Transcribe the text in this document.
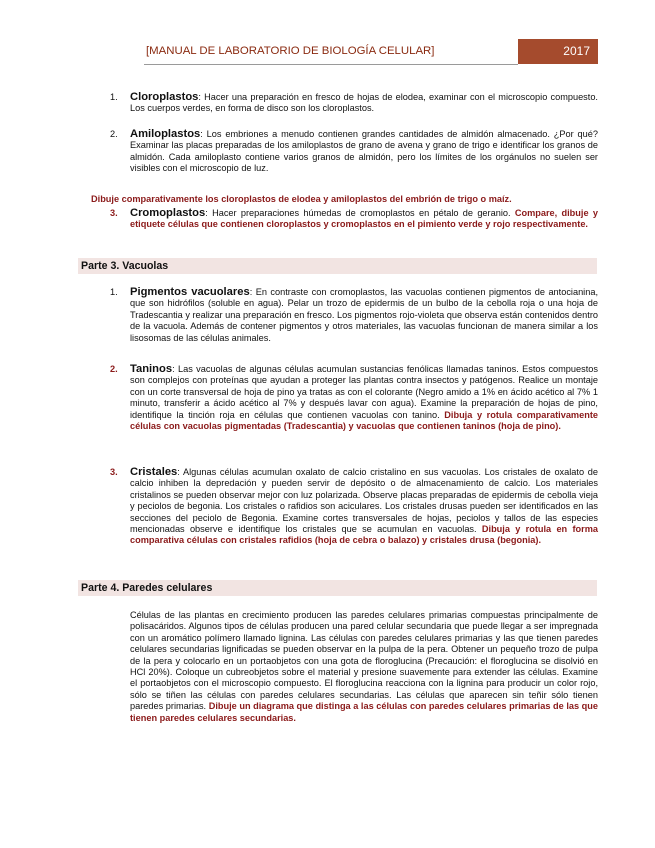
[MANUAL DE LABORATORIO DE BIOLOGÍA CELULAR]	2017
1. Cloroplastos: Hacer una preparación en fresco de hojas de elodea, examinar con el microscopio compuesto. Los cuerpos verdes, en forma de disco son los cloroplastos.
2. Amiloplastos: Los embriones a menudo contienen grandes cantidades de almidón almacenado. ¿Por qué? Examinar las placas preparadas de los amiloplastos de grano de avena y grano de trigo e identificar los granos de almidón. Cada amiloplasto contiene varios granos de almidón, pero los límites de los orgánulos no suelen ser visibles con el microscopio de luz.
Dibuje comparativamente los cloroplastos de elodea y amiloplastos del embrión de trigo o maíz.
3. Cromoplastos: Hacer preparaciones húmedas de cromoplastos en pétalo de geranio. Compare, dibuje y etiquete células que contienen cloroplastos y cromoplastos en el pimiento verde y rojo respectivamente.
Parte 3. Vacuolas
1. Pigmentos vacuolares: En contraste con cromoplastos, las vacuolas contienen pigmentos de antocianina, que son hidrófilos (soluble en agua). Pelar un trozo de epidermis de un bulbo de la cebolla roja o una hoja de Tradescantia y realizar una preparación en fresco. Los pigmentos rojo-violeta que observa están contenidos dentro de la vacuola. Además de contener pigmentos y otros materiales, las vacuolas funcionan de manera similar a los lisosomas de las células animales.
2. Taninos: Las vacuolas de algunas células acumulan sustancias fenólicas llamadas taninos. Estos compuestos son complejos con proteínas que ayudan a proteger las plantas contra insectos y patógenos. Realice un montaje con un corte transversal de hoja de pino ya tratas as con el colorante (Negro amido a 1% en ácido acético al 7% 1 minuto, transferir a ácido acético al 7% y después lavar con agua). Examine la preparación de hojas de pino, identifique la tinción roja en células que contienen vacuolas con tanino. Dibuja y rotula comparativamente células con vacuolas pigmentadas (Tradescantia) y vacuolas que contienen taninos (hoja de pino).
3. Cristales: Algunas células acumulan oxalato de calcio cristalino en sus vacuolas. Los cristales de oxalato de calcio inhiben la depredación y pueden servir de depósito o de almacenamiento de calcio. Los materiales cristalinos se pueden observar mejor con luz polarizada. Observe placas preparadas de epidermis de cebolla vieja y peciolos de begonia. Los cristales o rafidios son aciculares. Los cristales drusas pueden ser identificados en las secciones del peciolo de Begonia. Examine cortes transversales de hojas, peciolos y tallos de las especies mencionadas observe e identifique los cristales que se acumulan en vacuolas. Dibuja y rotula en forma comparativa células con cristales rafidios (hoja de cebra o balazo) y cristales drusa (begonia).
Parte 4. Paredes celulares
Células de las plantas en crecimiento producen las paredes celulares primarias compuestas principalmente de polisacáridos. Algunos tipos de células producen una pared celular secundaria que puede llegar a ser impregnada con un aromático polímero llamado lignina. Las células con paredes celulares primarias y las que tienen paredes celulares secundarias lignificadas se pueden observar en la pulpa de la pera. Obtener un pequeño trozo de pulpa de la pera y colocarlo en un portaobjetos con una gota de floroglucina (Precaución: el floroglucina se disolvió en HCl 20%). Coloque un cubreobjetos sobre el material y presione suavemente para extender las células. Examine el portaobjetos con el microscopio compuesto. El floroglucina reacciona con la lignina para producir un color rojo, sólo se tiñen las células con paredes celulares secundarias. Las células que aparecen sin teñir sólo tienen paredes primarias. Dibuje un diagrama que distinga a las células con paredes celulares primarias de las que tienen paredes celulares secundarias.
